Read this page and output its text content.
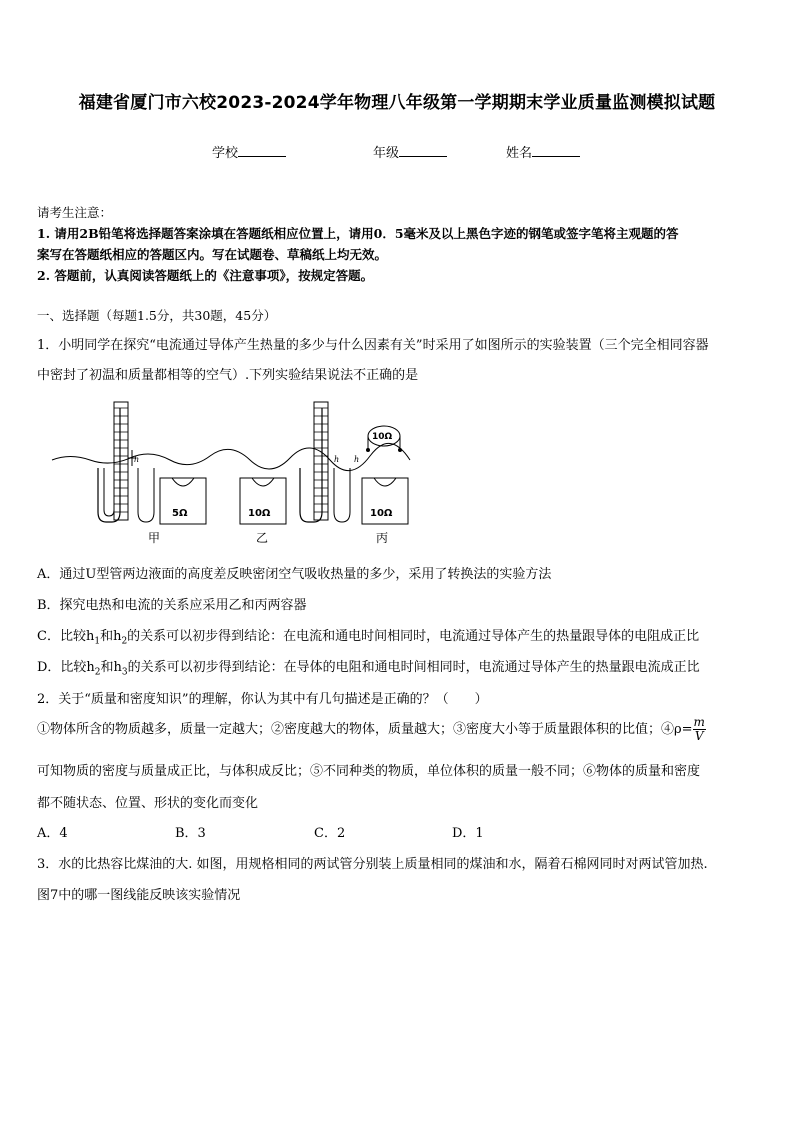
福建省厦门市六校2023-2024学年物理八年级第一学期期末学业质量监测模拟试题
学校	年级	姓名
请考生注意：
1. 请用2B铅笔将选择题答案涂填在答题纸相应位置上，请用0．5毫米及以上黑色字迹的钢笔或签字笔将主观题的答
案写在答题纸相应的答题区内。写在试题卷、草稿纸上均无效。
2. 答题前，认真阅读答题纸上的《注意事项》，按规定答题。
一、选择题（每题1.5分，共30题，45分）
1．小明同学在探究“电流通过导体产生热量的多少与什么因素有关”时采用了如图所示的实验装置（三个完全相同容器
中密封了初温和质量都相等的空气）.下列实验结果说法不正确的是
5Ω	10Ω	10Ω
10Ω
h	h h
甲	乙	丙
A．通过U型管两边液面的高度差反映密闭空气吸收热量的多少，采用了转换法的实验方法
B．探究电热和电流的关系应采用乙和丙两容器
C．比较$h_1$和$h_2$的关系可以初步得到结论：在电流和通电时间相同时，电流通过导体产生的热量跟导体的电阻成正比
D．比较$h_2$和$h_3$的关系可以初步得到结论：在导体的电阻和通电时间相同时，电流通过导体产生的热量跟电流成正比
2．关于“质量和密度知识”的理解，你认为其中有几句描述是正确的？（　　）
①物体所含的物质越多，质量一定越大；②密度越大的物体，质量越大；③密度大小等于质量跟体积的比值；④ρ= $\frac{m}{V}$
可知物质的密度与质量成正比，与体积成反比；⑤不同种类的物质，单位体积的质量一般不同；⑥物体的质量和密度
都不随状态、位置、形状的变化而变化
A．4	B．3	C．2	D．1
3．水的比热容比煤油的大. 如图，用规格相同的两试管分别装上质量相同的煤油和水，隔着石棉网同时对两试管加热.
图7中的哪一图线能反映该实验情况
